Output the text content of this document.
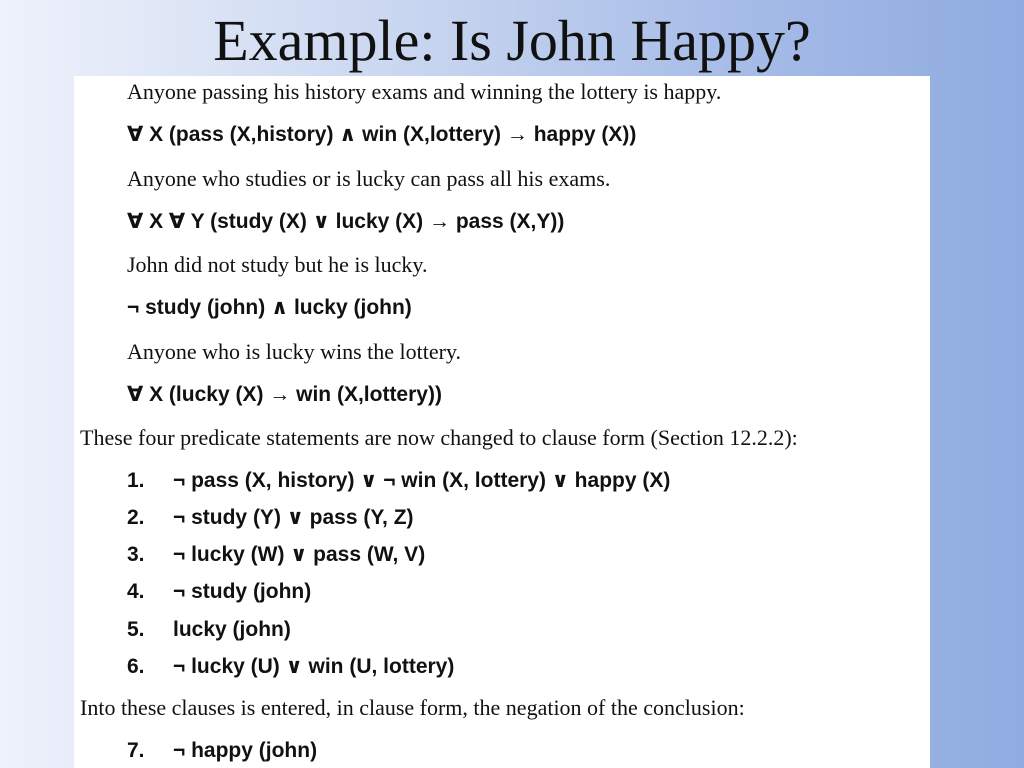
Example: Is John Happy?
Anyone passing his history exams and winning the lottery is happy.
∀ X (pass (X,history) ∧ win (X,lottery) → happy (X))
Anyone who studies or is lucky can pass all his exams.
∀ X ∀ Y (study (X) ∨ lucky (X) → pass (X,Y))
John did not study but he is lucky.
¬ study (john) ∧ lucky (john)
Anyone who is lucky wins the lottery.
∀ X (lucky (X) → win (X,lottery))
These four predicate statements are now changed to clause form (Section 12.2.2):
1. ¬ pass (X, history) ∨ ¬ win (X, lottery) ∨ happy (X)
2. ¬ study (Y) ∨ pass (Y, Z)
3. ¬ lucky (W) ∨ pass (W, V)
4. ¬ study (john)
5. lucky (john)
6. ¬ lucky (U) ∨ win (U, lottery)
Into these clauses is entered, in clause form, the negation of the conclusion:
7. ¬ happy (john)
